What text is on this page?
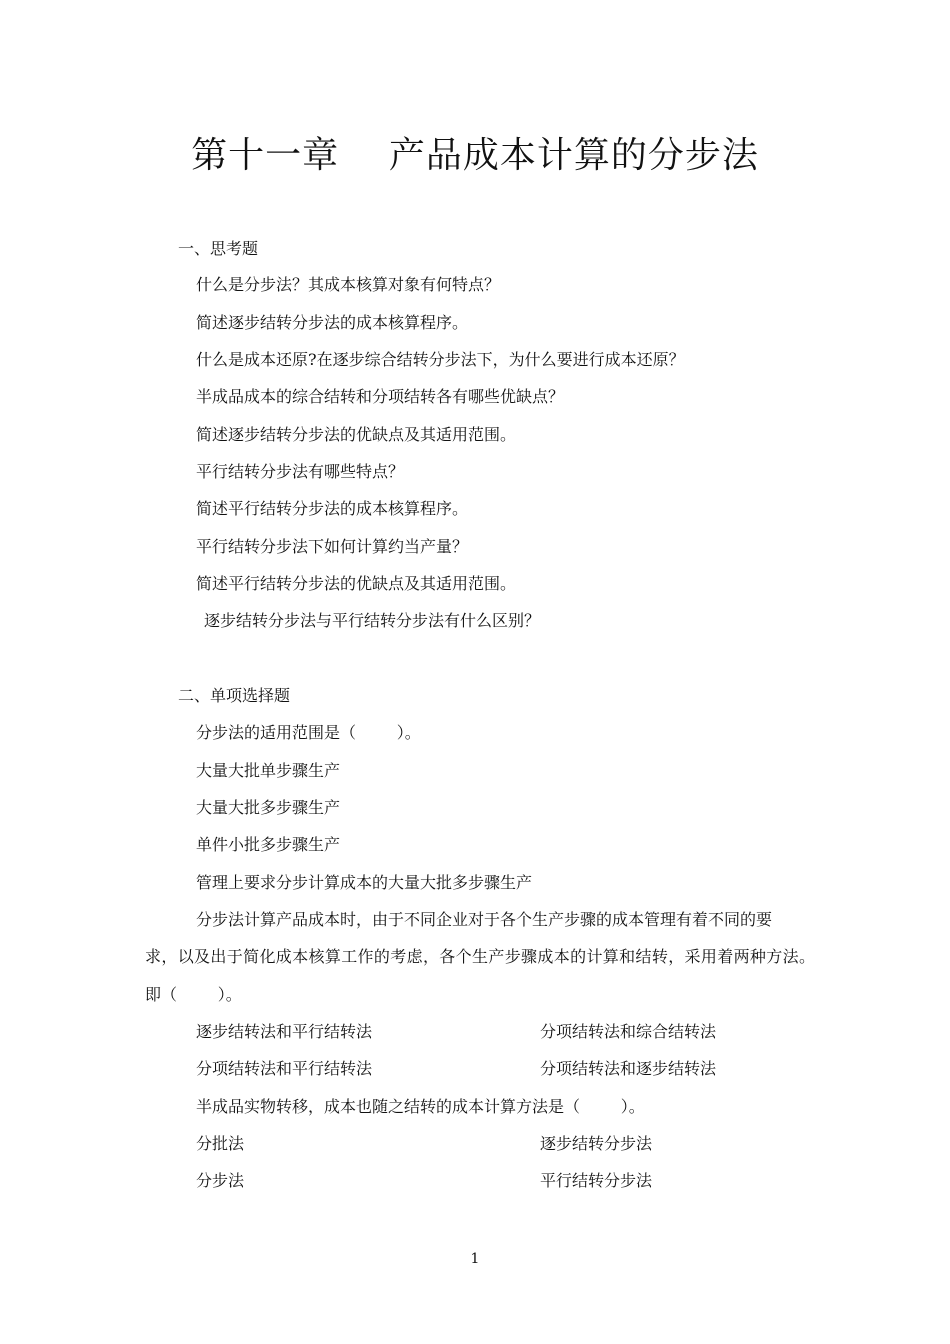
第十一章    产品成本计算的分步法
一、思考题
什么是分步法？其成本核算对象有何特点？
简述逐步结转分步法的成本核算程序。
什么是成本还原?在逐步综合结转分步法下，为什么要进行成本还原？
半成品成本的综合结转和分项结转各有哪些优缺点？
简述逐步结转分步法的优缺点及其适用范围。
平行结转分步法有哪些特点？
简述平行结转分步法的成本核算程序。
平行结转分步法下如何计算约当产量？
简述平行结转分步法的优缺点及其适用范围。
逐步结转分步法与平行结转分步法有什么区别？
二、单项选择题
分步法的适用范围是（        ）。
大量大批单步骤生产
大量大批多步骤生产
单件小批多步骤生产
管理上要求分步计算成本的大量大批多步骤生产
分步法计算产品成本时，由于不同企业对于各个生产步骤的成本管理有着不同的要
求，以及出于简化成本核算工作的考虑，各个生产步骤成本的计算和结转，采用着两种方法。
即（        ）。
逐步结转法和平行结转法	分项结转法和综合结转法
分项结转法和平行结转法	分项结转法和逐步结转法
半成品实物转移，成本也随之结转的成本计算方法是（        ）。
分批法	逐步结转分步法
分步法	平行结转分步法
1
